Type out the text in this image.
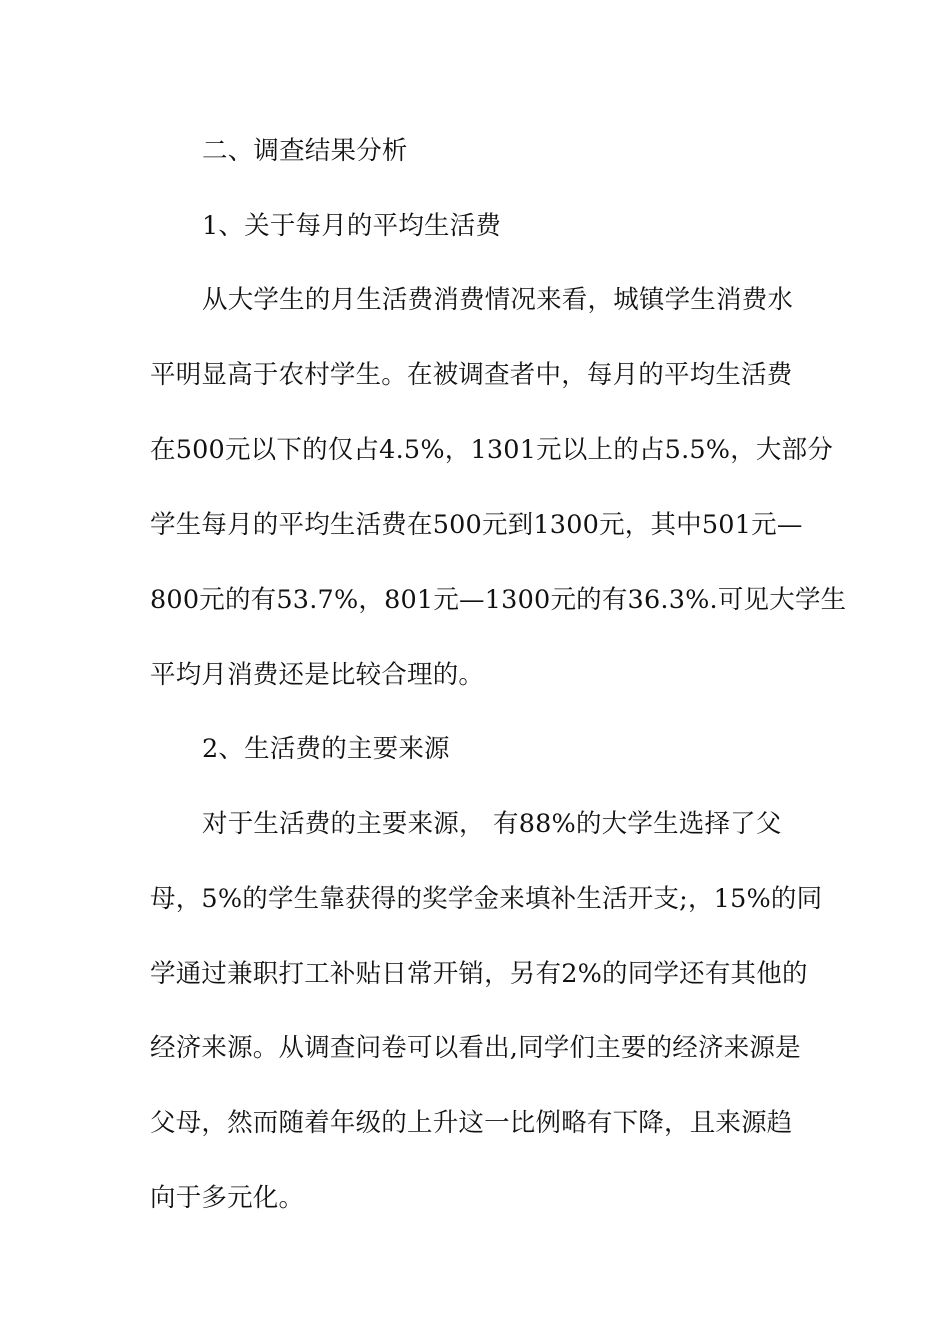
二、调查结果分析

1、关于每月的平均生活费

从大学生的月生活费消费情况来看，城镇学生消费水

平明显高于农村学生。在被调查者中，每月的平均生活费

在500元以下的仅占4.5%，1301元以上的占5.5%，大部分

学生每月的平均生活费在500元到1300元，其中501元—

800元的有53.7%，801元—1300元的有36.3%.可见大学生

平均月消费还是比较合理的。

2、生活费的主要来源

对于生活费的主要来源， 有88%的大学生选择了父

母，5%的学生靠获得的奖学金来填补生活开支;，15%的同

学通过兼职打工补贴日常开销，另有2%的同学还有其他的

经济来源。从调查问卷可以看出,同学们主要的经济来源是

父母，然而随着年级的上升这一比例略有下降，且来源趋

向于多元化。
